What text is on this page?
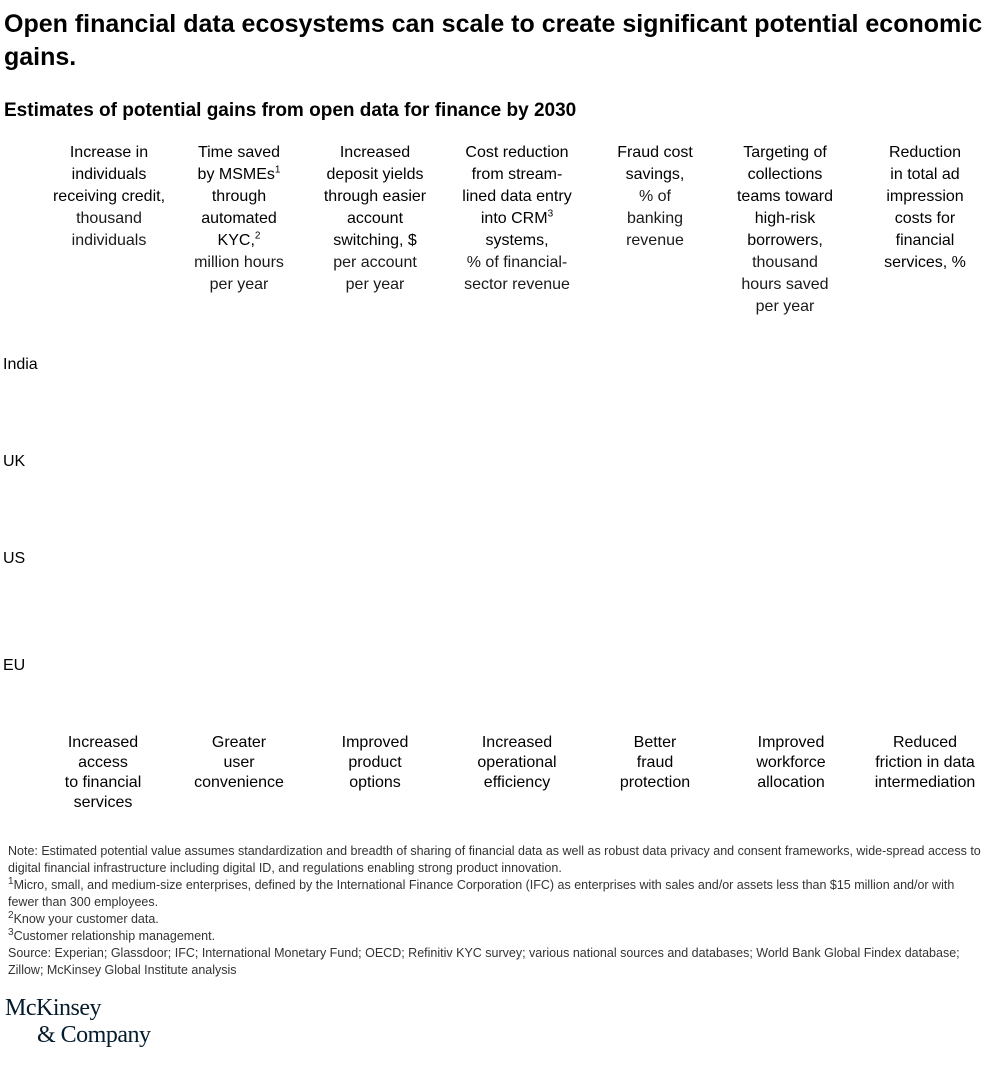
Open financial data ecosystems can scale to create significant potential economic gains.
Estimates of potential gains from open data for finance by 2030
Increase in
individuals
receiving credit,
thousand
individuals
Increased
access
to financial
services
Time saved
by MSMEs$^1$
through
automated
KYC,$^2$
million hours
per year
Greater
user
convenience
Increased
deposit yields
through easier
account
switching, $
per account
per year
Improved
product
options
Cost reduction
from stream-
lined data entry
into CRM$^3$
systems,
% of financial-
sector revenue
Increased
operational
efficiency
Fraud cost
savings,
% of
banking
revenue
Better
fraud
protection
Targeting of
collections
teams toward
high-risk
borrowers,
thousand
hours saved
per year
Improved
workforce
allocation
Reduction
in total ad
impression
costs for
financial
services, %
Reduced
friction in data
intermediation
India
UK
US
EU

Note: Estimated potential value assumes standardization and breadth of sharing of financial data as well as robust data privacy and consent frameworks, wide-spread access to digital financial infrastructure including digital ID, and regulations enabling strong product innovation.

$^1$Micro, small, and medium-size enterprises, defined by the International Finance Corporation (IFC) as enterprises with sales and/or assets less than $15 million and/or with fewer than 300 employees.

$^2$Know your customer data.

$^3$Customer relationship management.

Source: Experian; Glassdoor; IFC; International Monetary Fund; OECD; Refinitiv KYC survey; various national sources and databases; World Bank Global Findex database; Zillow; McKinsey Global Institute analysis

McKinsey
& Company
